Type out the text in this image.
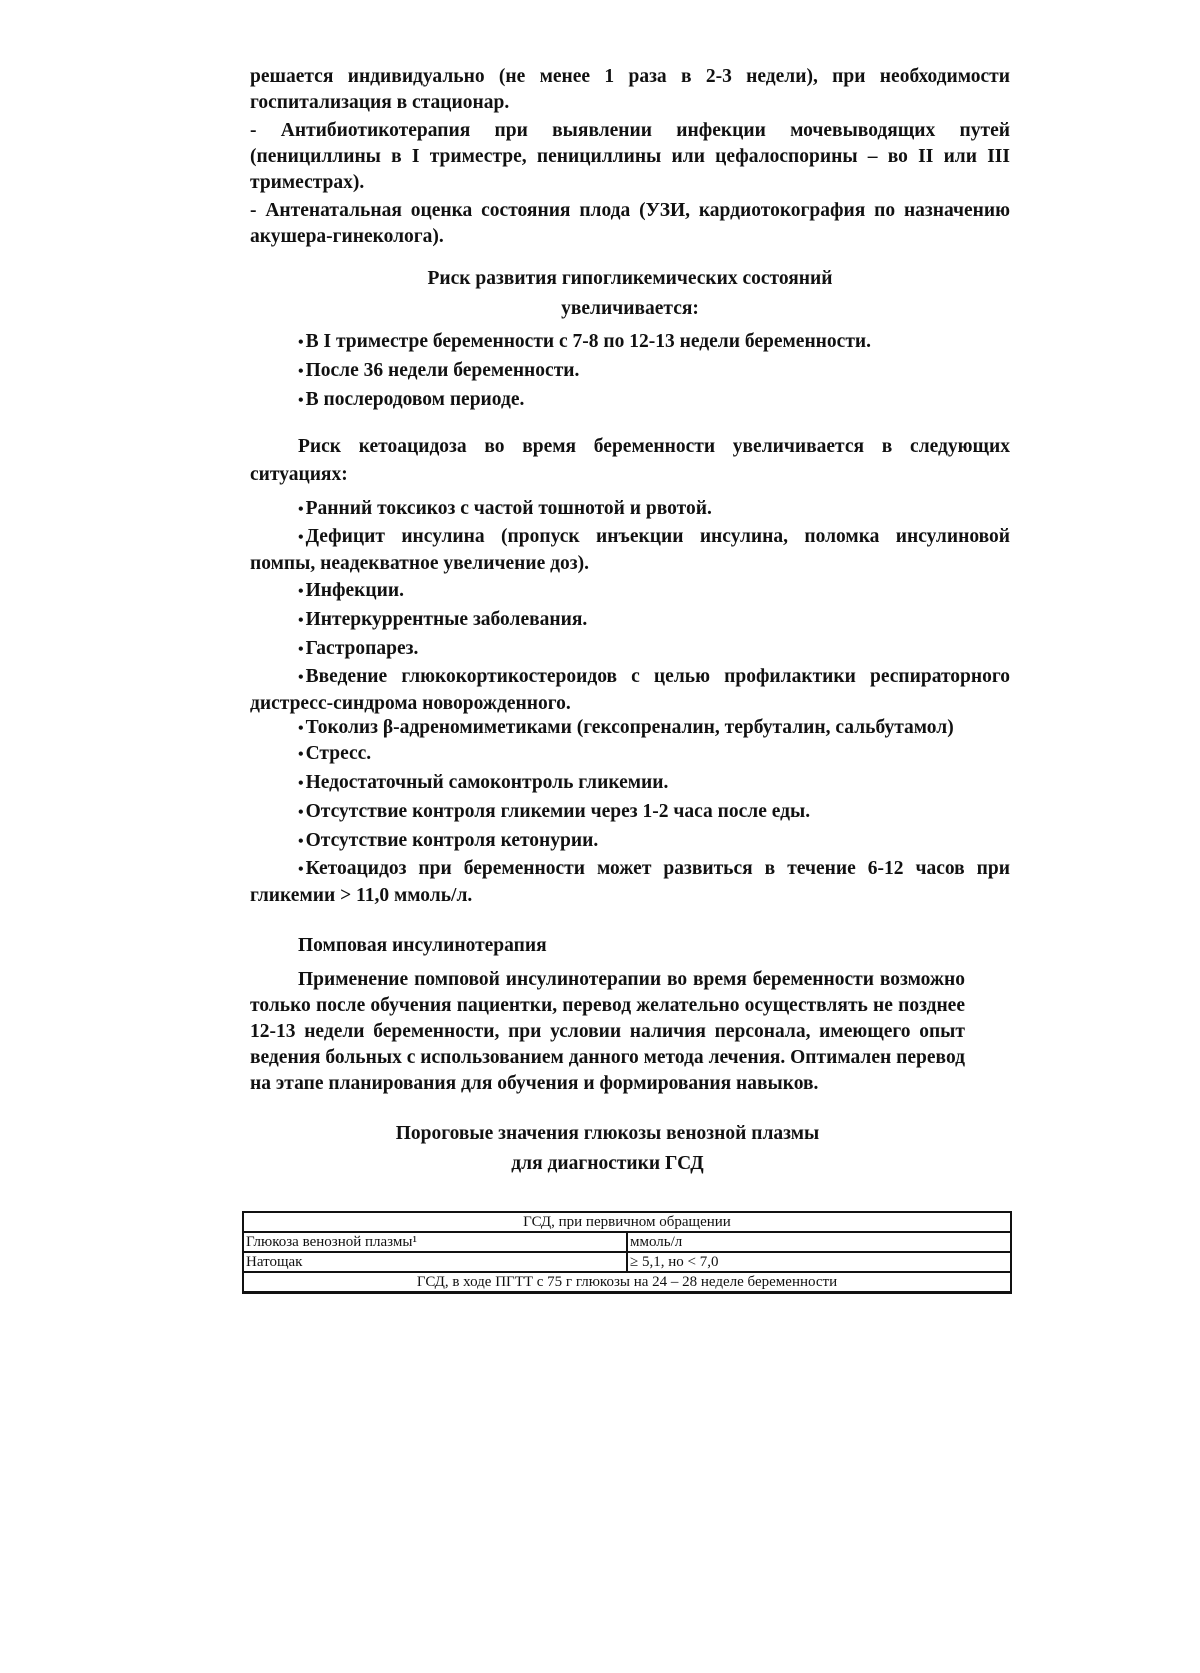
решается индивидуально (не менее 1 раза в 2-3 недели), при необходимости госпитализация в стационар.

- Антибиотикотерапия при выявлении инфекции мочевыводящих путей (пенициллины в I триместре, пенициллины или цефалоспорины – во II или III триместрах).

- Антенатальная оценка состояния плода (УЗИ, кардиотокография по назначению акушера-гинеколога).

Риск развития гипогликемических состояний

увеличивается:

• В I триместре беременности с 7-8 по 12-13 недели беременности.
• После 36 недели беременности.
• В послеродовом периоде.

Риск кетоацидоза во время беременности увеличивается в следующих ситуациях:

• Ранний токсикоз с частой тошнотой и рвотой.

• Дефицит инсулина (пропуск инъекции инсулина, поломка инсулиновой помпы, неадекватное увеличение доз).

• Инфекции.

• Интеркуррентные заболевания.

• Гастропарез.

• Введение глюкокортикостероидов с целью профилактики респираторного дистресс-синдрома новорожденного.

• Токолиз β-адреномиметиками (гексопреналин, тербуталин, сальбутамол)

• Стресс.

• Недостаточный самоконтроль гликемии.

• Отсутствие контроля гликемии через 1-2 часа после еды.

• Отсутствие контроля кетонурии.

• Кетоацидоз при беременности может развиться в течение 6-12 часов при гликемии > 11,0 ммоль/л.

Помповая инсулинотерапия

Применение помповой инсулинотерапии во время беременности возможно только после обучения пациентки, перевод желательно осуществлять не позднее 12-13 недели беременности, при условии наличия персонала, имеющего опыт ведения больных с использованием данного метода лечения. Оптимален перевод на этапе планирования для обучения и формирования навыков.

Пороговые значения глюкозы венозной плазмы

для диагностики ГСД

ГСД, при первичном обращении	
Глюкоза венозной плазмы¹	ммоль/л
Натощак	≥ 5,1, но < 7,0
ГСД, в ходе ПГТТ с 75 г глюкозы на 24 – 28 неделе беременности	
